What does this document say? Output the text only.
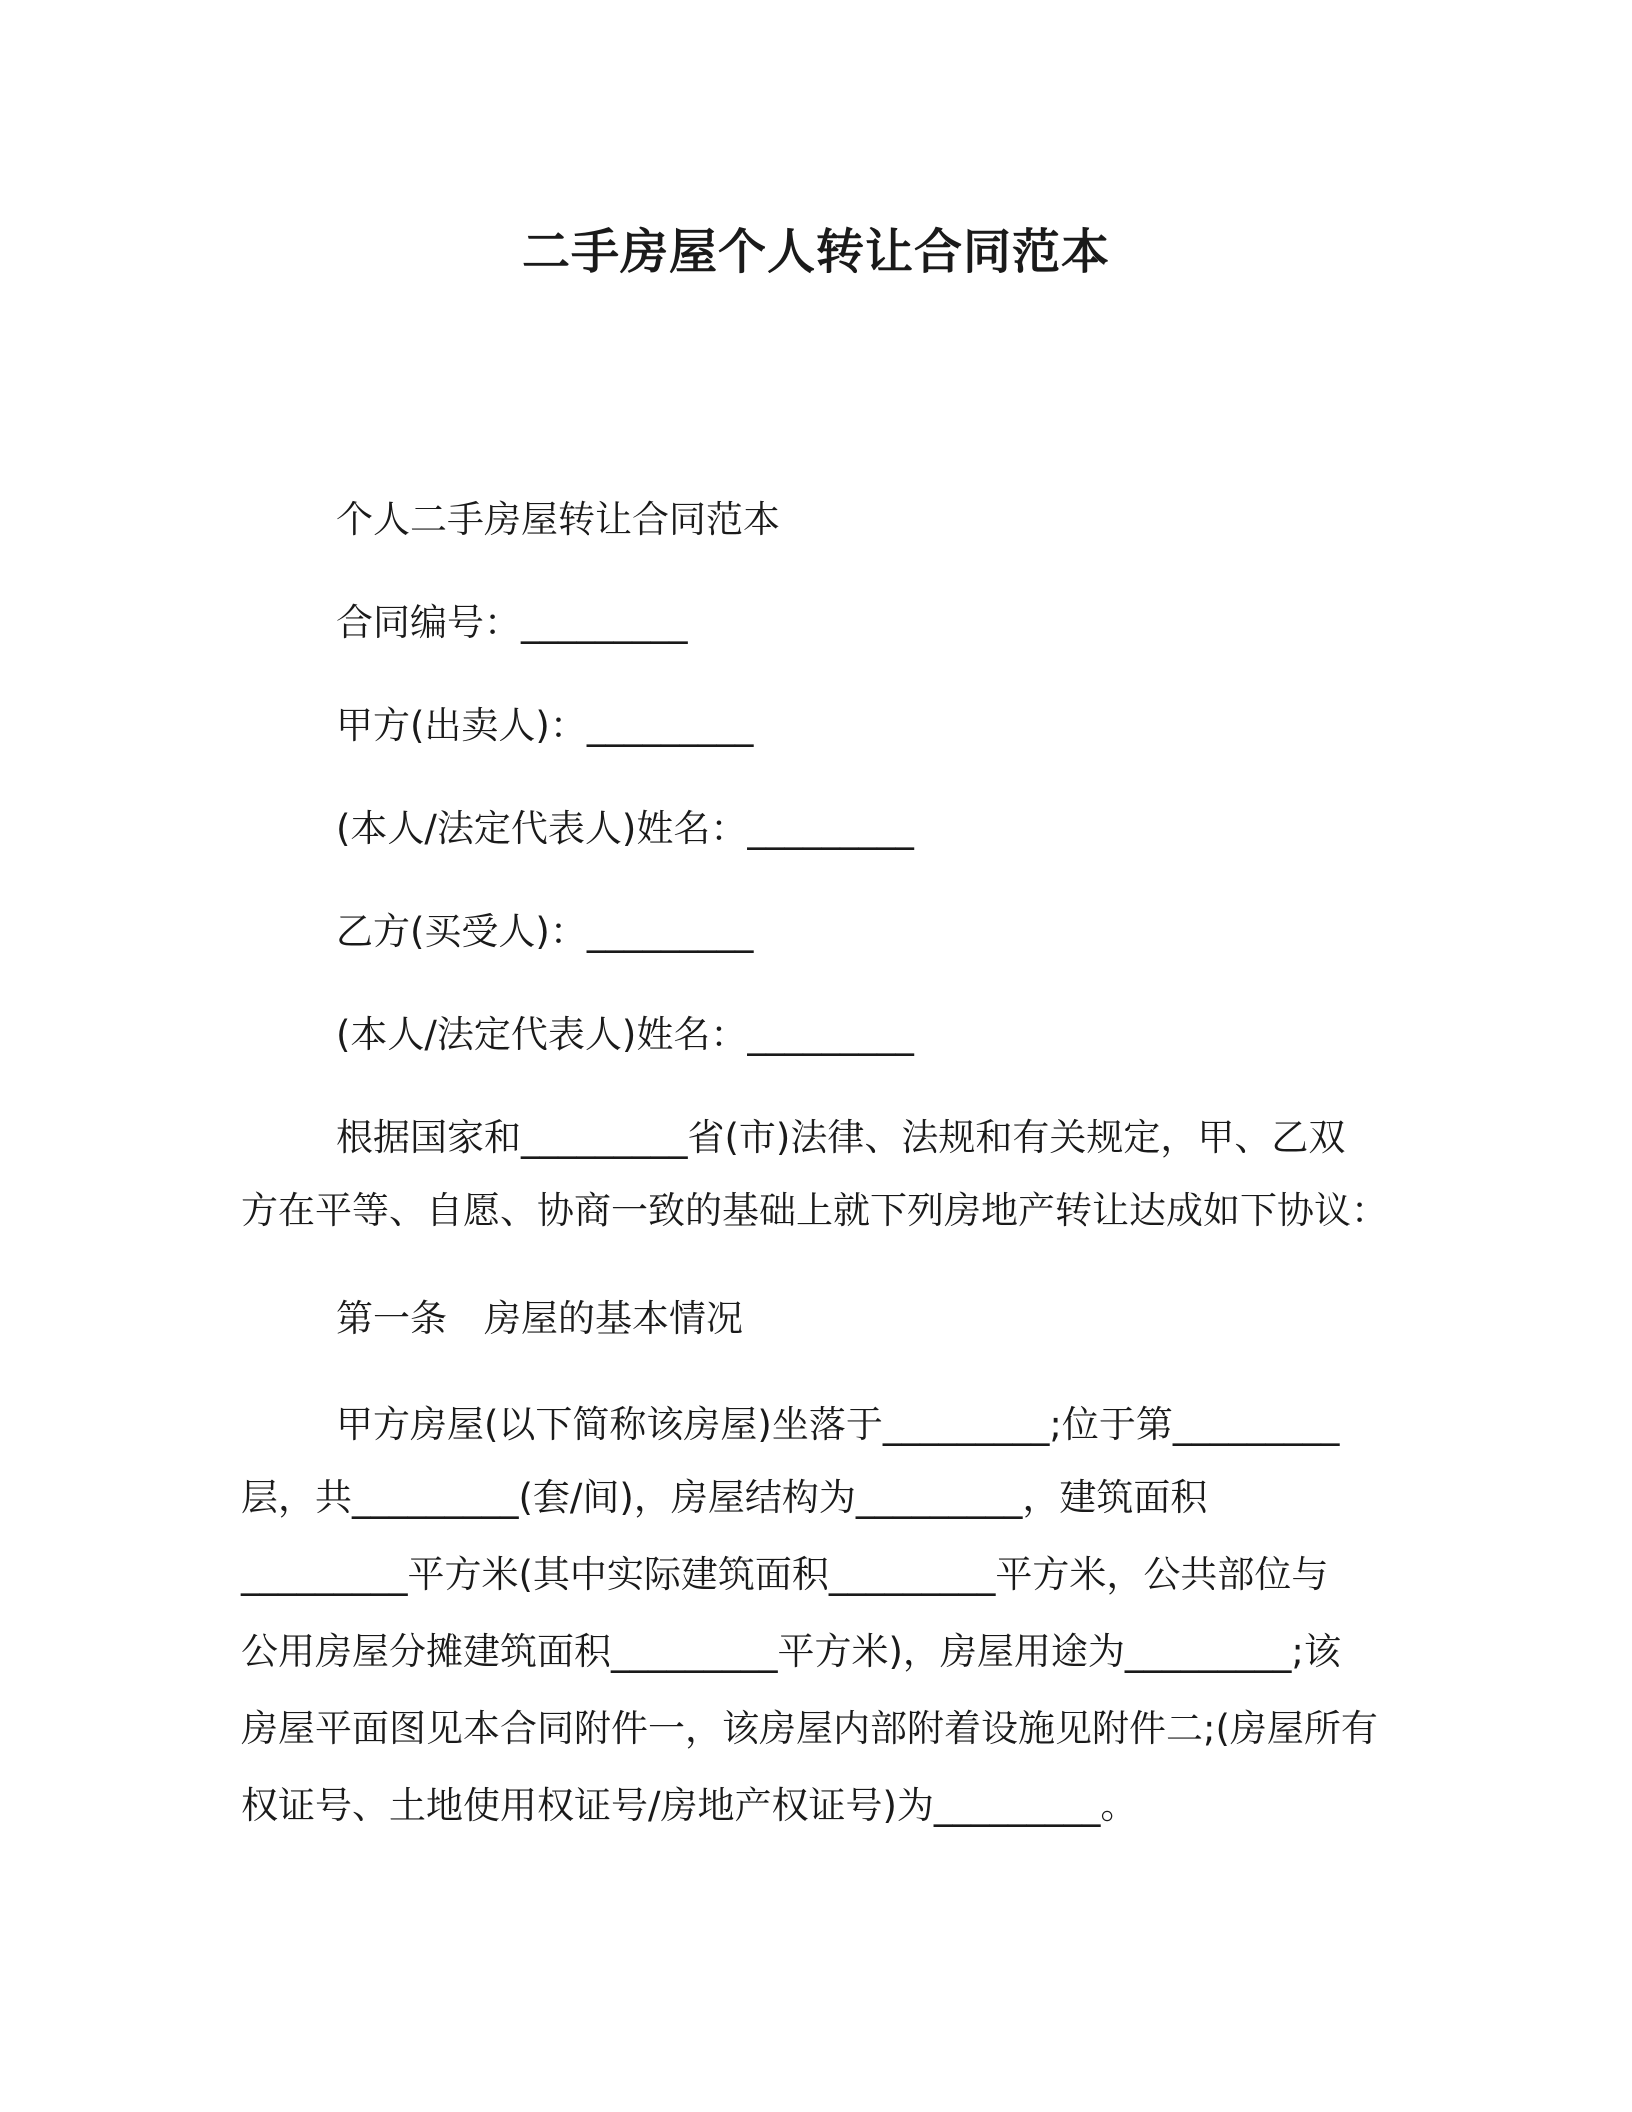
二手房屋个人转让合同范本
个人二手房屋转让合同范本
合同编号：_________
甲方(出卖人)：_________
(本人/法定代表人)姓名：_________
乙方(买受人)：_________
(本人/法定代表人)姓名：_________
根据国家和_________省(市)法律、法规和有关规定，甲、乙双
方在平等、自愿、协商一致的基础上就下列房地产转让达成如下协议：
第一条　房屋的基本情况
甲方房屋(以下简称该房屋)坐落于_________;位于第_________
层，共_________(套/间)，房屋结构为_________，建筑面积
_________平方米(其中实际建筑面积_________平方米，公共部位与
公用房屋分摊建筑面积_________平方米)，房屋用途为_________;该
房屋平面图见本合同附件一，该房屋内部附着设施见附件二;(房屋所有
权证号、土地使用权证号/房地产权证号)为_________。
